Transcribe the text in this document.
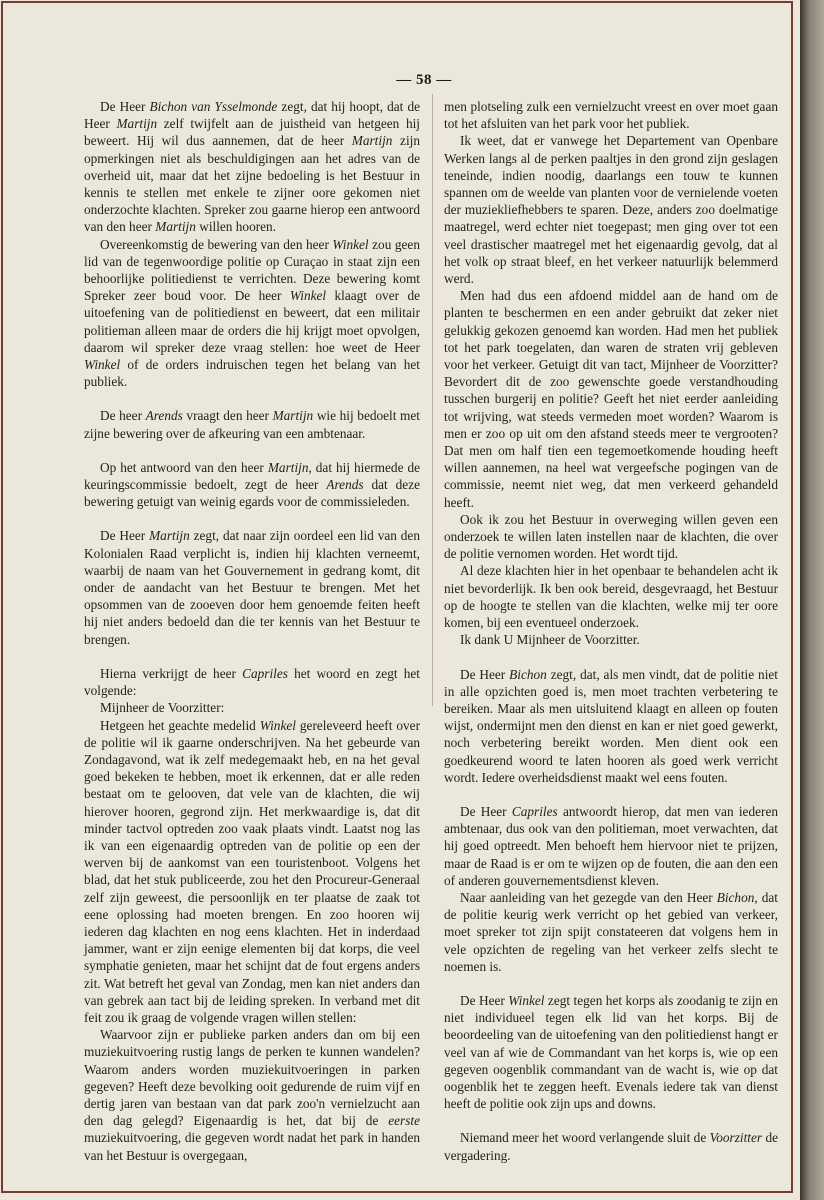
— 58 —

De Heer Bichon van Ysselmonde zegt, dat hij hoopt, dat de Heer Martijn zelf twijfelt aan de juistheid van hetgeen hij beweert. Hij wil dus aannemen, dat de heer Martijn zijn opmerkingen niet als beschuldigingen aan het adres van de overheid uit, maar dat het zijne bedoeling is het Bestuur in kennis te stellen met enkele te zijner oore gekomen niet onderzochte klachten. Spreker zou gaarne hierop een antwoord van den heer Martijn willen hooren.

Overeenkomstig de bewering van den heer Winkel zou geen lid van de tegenwoordige politie op Curaçao in staat zijn een behoorlijke politiedienst te verrichten. Deze bewering komt Spreker zeer boud voor. De heer Winkel klaagt over de uitoefening van de politiedienst en beweert, dat een militair politieman alleen maar de orders die hij krijgt moet opvolgen, daarom wil spreker deze vraag stellen: hoe weet de Heer Winkel of de orders indruischen tegen het belang van het publiek.

De heer Arends vraagt den heer Martijn wie hij bedoelt met zijne bewering over de afkeuring van een ambtenaar.

Op het antwoord van den heer Martijn, dat hij hiermede de keuringscommissie bedoelt, zegt de heer Arends dat deze bewering getuigt van weinig egards voor de commissieleden.

De Heer Martijn zegt, dat naar zijn oordeel een lid van den Kolonialen Raad verplicht is, indien hij klachten verneemt, waarbij de naam van het Gouvernement in gedrang komt, dit onder de aandacht van het Bestuur te brengen. Met het opsommen van de zooeven door hem genoemde feiten heeft hij niet anders bedoeld dan die ter kennis van het Bestuur te brengen.

Hierna verkrijgt de heer Capriles het woord en zegt het volgende:

Mijnheer de Voorzitter:

Hetgeen het geachte medelid Winkel gereleveerd heeft over de politie wil ik gaarne onderschrijven. Na het gebeurde van Zondagavond, wat ik zelf medegemaakt heb, en na het geval goed bekeken te hebben, moet ik erkennen, dat er alle reden bestaat om te gelooven, dat vele van de klachten, die wij hierover hooren, gegrond zijn. Het merkwaardige is, dat dit minder tactvol optreden zoo vaak plaats vindt. Laatst nog las ik van een eigenaardig optreden van de politie op een der werven bij de aankomst van een touristenboot. Volgens het blad, dat het stuk publiceerde, zou het den Procureur-Generaal zelf zijn geweest, die persoonlijk en ter plaatse de zaak tot eene oplossing had moeten brengen. En zoo hooren wij iederen dag klachten en nog eens klachten. Het in inderdaad jammer, want er zijn eenige elementen bij dat korps, die veel symphatie genieten, maar het schijnt dat de fout ergens anders zit. Wat betreft het geval van Zondag, men kan niet anders dan van gebrek aan tact bij de leiding spreken. In verband met dit feit zou ik graag de volgende vragen willen stellen:

Waarvoor zijn er publieke parken anders dan om bij een muziekuitvoering rustig langs de perken te kunnen wandelen? Waarom anders worden muziekuitvoeringen in parken gegeven? Heeft deze bevolking ooit gedurende de ruim vijf en dertig jaren van bestaan van dat park zoo'n vernielzucht aan den dag gelegd? Eigenaardig is het, dat bij de eerste muziekuitvoering, die gegeven wordt nadat het park in handen van het Bestuur is overgegaan,

men plotseling zulk een vernielzucht vreest en over moet gaan tot het afsluiten van het park voor het publiek.

Ik weet, dat er vanwege het Departement van Openbare Werken langs al de perken paaltjes in den grond zijn geslagen teneinde, indien noodig, daarlangs een touw te kunnen spannen om de weelde van planten voor de vernielende voeten der muziekliefhebbers te sparen. Deze, anders zoo doelmatige maatregel, werd echter niet toegepast; men ging over tot een veel drastischer maatregel met het eigenaardig gevolg, dat al het volk op straat bleef, en het verkeer natuurlijk belemmerd werd.

Men had dus een afdoend middel aan de hand om de planten te beschermen en een ander gebruikt dat zeker niet gelukkig gekozen genoemd kan worden. Had men het publiek tot het park toegelaten, dan waren de straten vrij gebleven voor het verkeer. Getuigt dit van tact, Mijnheer de Voorzitter? Bevordert dit de zoo gewenschte goede verstandhouding tusschen burgerij en politie? Geeft het niet eerder aanleiding tot wrijving, wat steeds vermeden moet worden? Waarom is men er zoo op uit om den afstand steeds meer te vergrooten? Dat men om half tien een tegemoetkomende houding heeft willen aannemen, na heel wat vergeefsche pogingen van de commissie, neemt niet weg, dat men verkeerd gehandeld heeft.

Ook ik zou het Bestuur in overweging willen geven een onderzoek te willen laten instellen naar de klachten, die over de politie vernomen worden. Het wordt tijd.

Al deze klachten hier in het openbaar te behandelen acht ik niet bevorderlijk. Ik ben ook bereid, desgevraagd, het Bestuur op de hoogte te stellen van die klachten, welke mij ter oore komen, bij een eventueel onderzoek.

Ik dank U Mijnheer de Voorzitter.

De Heer Bichon zegt, dat, als men vindt, dat de politie niet in alle opzichten goed is, men moet trachten verbetering te bereiken. Maar als men uitsluitend klaagt en alleen op fouten wijst, ondermijnt men den dienst en kan er niet goed gewerkt, noch verbetering bereikt worden. Men dient ook een goedkeurend woord te laten hooren als goed werk verricht wordt. Iedere overheidsdienst maakt wel eens fouten.

De Heer Capriles antwoordt hierop, dat men van iederen ambtenaar, dus ook van den politieman, moet verwachten, dat hij goed optreedt. Men behoeft hem hiervoor niet te prijzen, maar de Raad is er om te wijzen op de fouten, die aan den een of anderen gouvernementsdienst kleven.

Naar aanleiding van het gezegde van den Heer Bichon, dat de politie keurig werk verricht op het gebied van verkeer, moet spreker tot zijn spijt constateeren dat volgens hem in vele opzichten de regeling van het verkeer zelfs slecht te noemen is.

De Heer Winkel zegt tegen het korps als zoodanig te zijn en niet individueel tegen elk lid van het korps. Bij de beoordeeling van de uitoefening van den politiedienst hangt er veel van af wie de Commandant van het korps is, wie op een gegeven oogenblik commandant van de wacht is, wie op dat oogenblik het te zeggen heeft. Evenals iedere tak van dienst heeft de politie ook zijn ups and downs.

Niemand meer het woord verlangende sluit de Voorzitter de vergadering.
